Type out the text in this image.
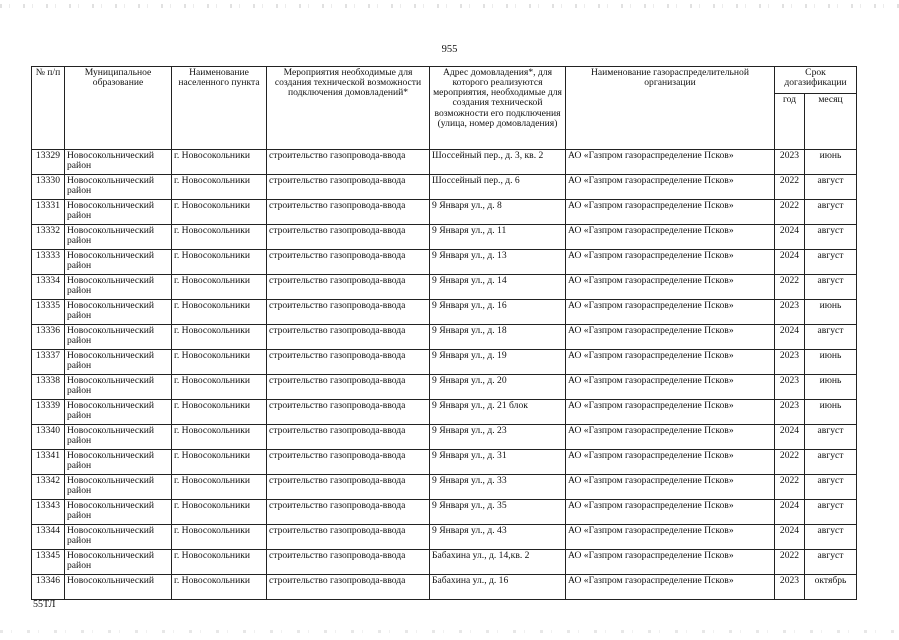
955
№ п/п	Муниципальное образование	Наименование населенного пункта	Мероприятия необходимые для создания технической возможности подключения домовладений*	Адрес домовладения*, для которого реализуются мероприятия, необходимые для создания технической возможности его подключения (улица, номер домовладения)	Наименование газораспределительной организации	Срок догазификации	
						год	месяц
13329	Новосокольнический район	г. Новосокольники	строительство газопровода-ввода	Шоссейный пер., д. 3, кв. 2	АО «Газпром газораспределение Псков»	2023	июнь
13330	Новосокольнический район	г. Новосокольники	строительство газопровода-ввода	Шоссейный пер., д. 6	АО «Газпром газораспределение Псков»	2022	август
13331	Новосокольнический район	г. Новосокольники	строительство газопровода-ввода	9 Января ул., д. 8	АО «Газпром газораспределение Псков»	2022	август
13332	Новосокольнический район	г. Новосокольники	строительство газопровода-ввода	9 Января ул., д. 11	АО «Газпром газораспределение Псков»	2024	август
13333	Новосокольнический район	г. Новосокольники	строительство газопровода-ввода	9 Января ул., д. 13	АО «Газпром газораспределение Псков»	2024	август
13334	Новосокольнический район	г. Новосокольники	строительство газопровода-ввода	9 Января ул., д. 14	АО «Газпром газораспределение Псков»	2022	август
13335	Новосокольнический район	г. Новосокольники	строительство газопровода-ввода	9 Января ул., д. 16	АО «Газпром газораспределение Псков»	2023	июнь
13336	Новосокольнический район	г. Новосокольники	строительство газопровода-ввода	9 Января ул., д. 18	АО «Газпром газораспределение Псков»	2024	август
13337	Новосокольнический район	г. Новосокольники	строительство газопровода-ввода	9 Января ул., д. 19	АО «Газпром газораспределение Псков»	2023	июнь
13338	Новосокольнический район	г. Новосокольники	строительство газопровода-ввода	9 Января ул., д. 20	АО «Газпром газораспределение Псков»	2023	июнь
13339	Новосокольнический район	г. Новосокольники	строительство газопровода-ввода	9 Января ул., д. 21 блок	АО «Газпром газораспределение Псков»	2023	июнь
13340	Новосокольнический район	г. Новосокольники	строительство газопровода-ввода	9 Января ул., д. 23	АО «Газпром газораспределение Псков»	2024	август
13341	Новосокольнический район	г. Новосокольники	строительство газопровода-ввода	9 Января ул., д. 31	АО «Газпром газораспределение Псков»	2022	август
13342	Новосокольнический район	г. Новосокольники	строительство газопровода-ввода	9 Января ул., д. 33	АО «Газпром газораспределение Псков»	2022	август
13343	Новосокольнический район	г. Новосокольники	строительство газопровода-ввода	9 Января ул., д. 35	АО «Газпром газораспределение Псков»	2024	август
13344	Новосокольнический район	г. Новосокольники	строительство газопровода-ввода	9 Января ул., д. 43	АО «Газпром газораспределение Псков»	2024	август
13345	Новосокольнический район	г. Новосокольники	строительство газопровода-ввода	Бабахина ул., д. 14,кв. 2	АО «Газпром газораспределение Псков»	2022	август
13346	Новосокольнический	г. Новосокольники	строительство газопровода-ввода	Бабахина ул., д. 16	АО «Газпром газораспределение Псков»	2023	октябрь
55ТЛ
